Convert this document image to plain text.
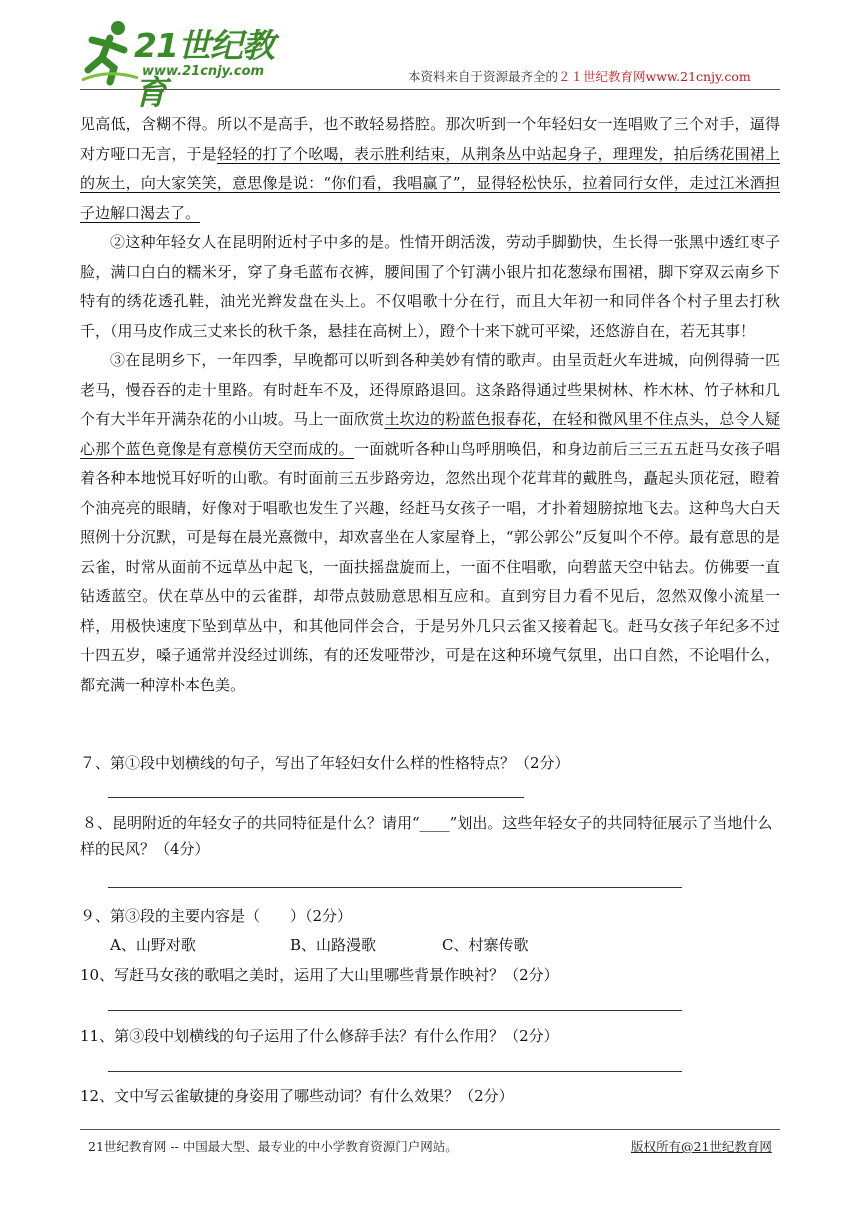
21世纪教育
www.21cnjy.com	本资料来自于资源最齐全的２１世纪教育网www.21cnjy.com

见高低，含糊不得。所以不是高手，也不敢轻易搭腔。那次听到一个年轻妇女一连唱败了三个对手，逼得对方哑口无言，于是轻轻的打了个吆喝，表示胜利结束，从荆条丛中站起身子，理理发，拍后绣花围裙上的灰土，向大家笑笑，意思像是说：“你们看，我唱赢了”，显得轻松快乐，拉着同行女伴，走过江米酒担子边解口渴去了。

②这种年轻女人在昆明附近村子中多的是。性情开朗活泼，劳动手脚勤快，生长得一张黑中透红枣子脸，满口白白的糯米牙，穿了身毛蓝布衣裤，腰间围了个钉满小银片扣花葱绿布围裙，脚下穿双云南乡下特有的绣花透孔鞋，油光光辫发盘在头上。不仅唱歌十分在行，而且大年初一和同伴各个村子里去打秋千，（用马皮作成三丈来长的秋千条，悬挂在高树上），蹬个十来下就可平梁，还悠游自在，若无其事！

③在昆明乡下，一年四季，早晚都可以听到各种美妙有情的歌声。由呈贡赶火车进城，向例得骑一匹老马，慢吞吞的走十里路。有时赶车不及，还得原路退回。这条路得通过些果树林、柞木林、竹子林和几个有大半年开满杂花的小山坡。马上一面欣赏土坎边的粉蓝色报春花，在轻和微风里不住点头，总令人疑心那个蓝色竟像是有意模仿天空而成的。一面就听各种山鸟呼朋唤侣，和身边前后三三五五赶马女孩子唱着各种本地悦耳好听的山歌。有时面前三五步路旁边，忽然出现个花茸茸的戴胜鸟，矗起头顶花冠，瞪着个油亮亮的眼睛，好像对于唱歌也发生了兴趣，经赶马女孩子一唱，才扑着翅膀掠地飞去。这种鸟大白天照例十分沉默，可是每在晨光熹微中，却欢喜坐在人家屋脊上，“郭公郭公”反复叫个不停。最有意思的是云雀，时常从面前不远草丛中起飞，一面扶摇盘旋而上，一面不住唱歌，向碧蓝天空中钻去。仿佛要一直钻透蓝空。伏在草丛中的云雀群，却带点鼓励意思相互应和。直到穷目力看不见后，忽然双像小流星一样，用极快速度下坠到草丛中，和其他同伴会合，于是另外几只云雀又接着起飞。赶马女孩子年纪多不过十四五岁，嗓子通常并没经过训练，有的还发哑带沙，可是在这种环境气氛里，出口自然，不论唱什么，都充满一种淳朴本色美。

７、第①段中划横线的句子，写出了年轻妇女什么样的性格特点？（2分）
８、昆明附近的年轻女子的共同特征是什么？请用“____”划出。这些年轻女子的共同特征展示了当地什么样的民风？（4分）
９、第③段的主要内容是（　　）（2分）
A、山野对歌	B、山路漫歌	C、村寨传歌
10、写赶马女孩的歌唱之美时，运用了大山里哪些背景作映衬？（2分）
11、第③段中划横线的句子运用了什么修辞手法？有什么作用？（2分）
12、文中写云雀敏捷的身姿用了哪些动词？有什么效果？（2分）
21世纪教育网 -- 中国最大型、最专业的中小学教育资源门户网站。	版权所有@21世纪教育网
